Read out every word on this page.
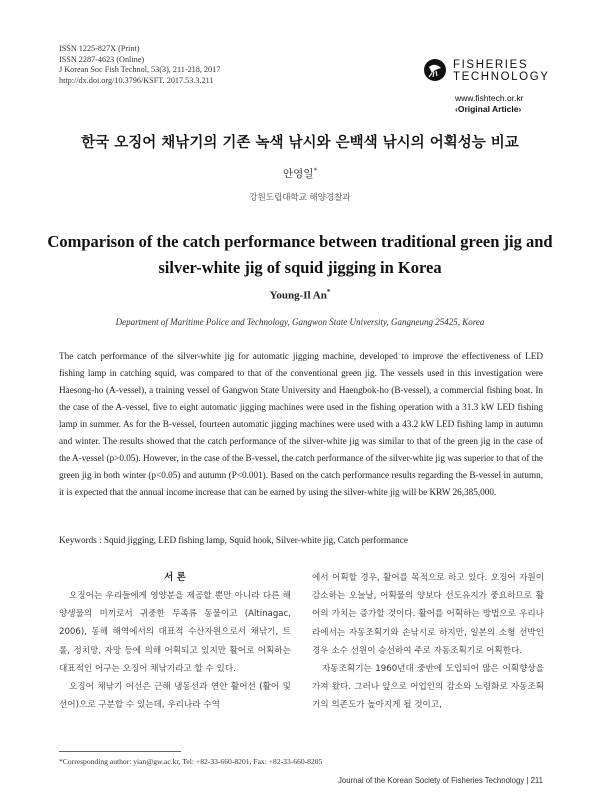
ISSN 1225-827X (Print)
ISSN 2287-4623 (Online)
J Korean Soc Fish Technol, 53(3), 211-218, 2017
http://dx.doi.org/10.3796/KSFT. 2017.53.3.211
FISHERIES
TECHNOLOGY
www.fishtech.or.kr
‹Original Article›
한국 오징어 채낚기의 기존 녹색 낚시와 은백색 낚시의 어획성능 비교
안영일*
강원도립대학교 해양경찰과
Comparison of the catch performance between traditional green jig and
silver-white jig of squid jigging in Korea
Young-Il An*
Department of Maritime Police and Technology, Gangwon State University, Gangneung 25425, Korea
The catch performance of the silver-white jig for automatic jigging machine, developed to improve the effectiveness of LED fishing lamp in catching squid, was compared to that of the conventional green jig. The vessels used in this investigation were Haesong-ho (A-vessel), a training vessel of Gangwon State University and Haengbok-ho (B-vessel), a commercial fishing boat. In the case of the A-vessel, five to eight automatic jigging machines were used in the fishing operation with a 31.3 kW LED fishing lamp in summer. As for the B-vessel, fourteen automatic jigging machines were used with a 43.2 kW LED fishing lamp in autumn and winter. The results showed that the catch performance of the silver-white jig was similar to that of the green jig in the case of the A-vessel (p>0.05). However, in the case of the B-vessel, the catch performance of the silver-white jig was superior to that of the green jig in both winter (p<0.05) and autumn (P<0.001). Based on the catch performance results regarding the B-vessel in autumn, it is expected that the annual income increase that can be earned by using the silver-white jig will be KRW 26,385,000.
Keywords : Squid jigging, LED fishing lamp, Squid hook, Silver-white jig, Catch performance
서 론

오징어는 우리들에게 영양분을 제공할 뿐만 아니라 다른 해양생물의 미끼로서 귀중한 두족류 동물이고 (Altinagac, 2006), 동해 해역에서의 대표적 수산자원으로서 채낚기, 트롤, 정치망, 자망 등에 의해 어획되고 있지만 활어로 어획하는 대표적인 어구는 오징어 채낚기라고 할 수 있다.

오징어 채낚기 어선은 근해 냉동선과 연안 활어선 (활어 및 선어)으로 구분할 수 있는데, 우리나라 수역

에서 어획할 경우, 활어를 목적으로 하고 있다. 오징어 자원이 감소하는 오늘날, 어획물의 양보다 선도유지가 중요하므로 활어의 가치는 증가할 것이다. 활어를 어획하는 방법으로 우리나라에서는 자동조획기와 손낚시로 하지만, 일본의 소형 선박인 경우 소수 선원이 승선하여 주로 자동조획기로 어획한다.

자동조획기는 1960년대 중반에 도입되어 많은 어획향상을 가져 왔다. 그러나 앞으로 어업인의 감소와 노령화로 자동조획기의 의존도가 높아지게 될 것이고,

*Corresponding author: yian@gw.ac.kr, Tel: +82-33-660-8201, Fax: +82-33-660-8205
Journal of the Korean Society of Fisheries Technology | 211
